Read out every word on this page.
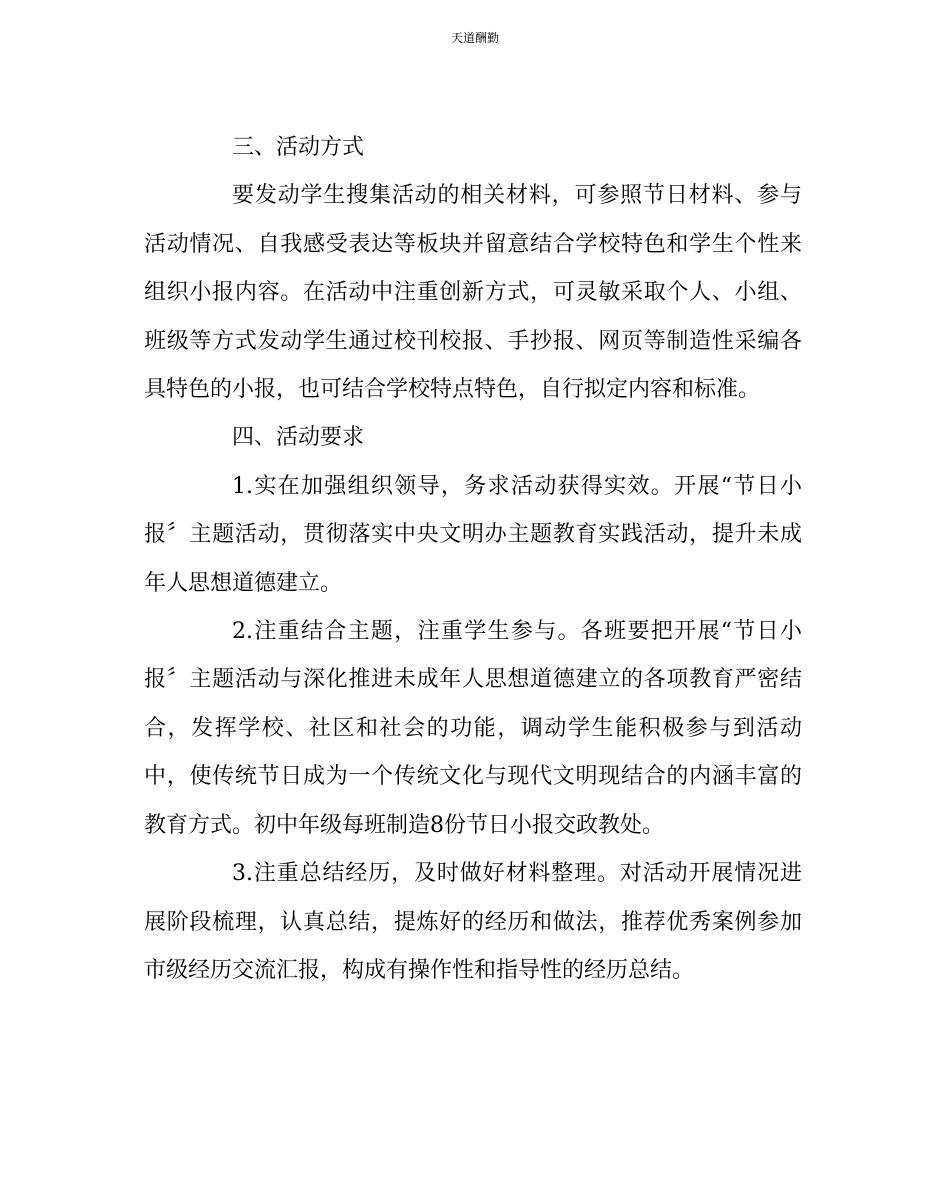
天道酬勤

三、活动方式

要发动学生搜集活动的相关材料，可参照节日材料、参与活动情况、自我感受表达等板块并留意结合学校特色和学生个性来组织小报内容。在活动中注重创新方式，可灵敏采取个人、小组、班级等方式发动学生通过校刊校报、手抄报、网页等制造性采编各具特色的小报，也可结合学校特点特色，自行拟定内容和标准。

四、活动要求

1.实在加强组织领导，务求活动获得实效。开展“节日小报〞主题活动，贯彻落实中央文明办主题教育实践活动，提升未成年人思想道德建立。

2.注重结合主题，注重学生参与。各班要把开展“节日小报〞主题活动与深化推进未成年人思想道德建立的各项教育严密结合，发挥学校、社区和社会的功能，调动学生能积极参与到活动中，使传统节日成为一个传统文化与现代文明现结合的内涵丰富的教育方式。初中年级每班制造8份节日小报交政教处。

3.注重总结经历，及时做好材料整理。对活动开展情况进展阶段梳理，认真总结，提炼好的经历和做法，推荐优秀案例参加市级经历交流汇报，构成有操作性和指导性的经历总结。
